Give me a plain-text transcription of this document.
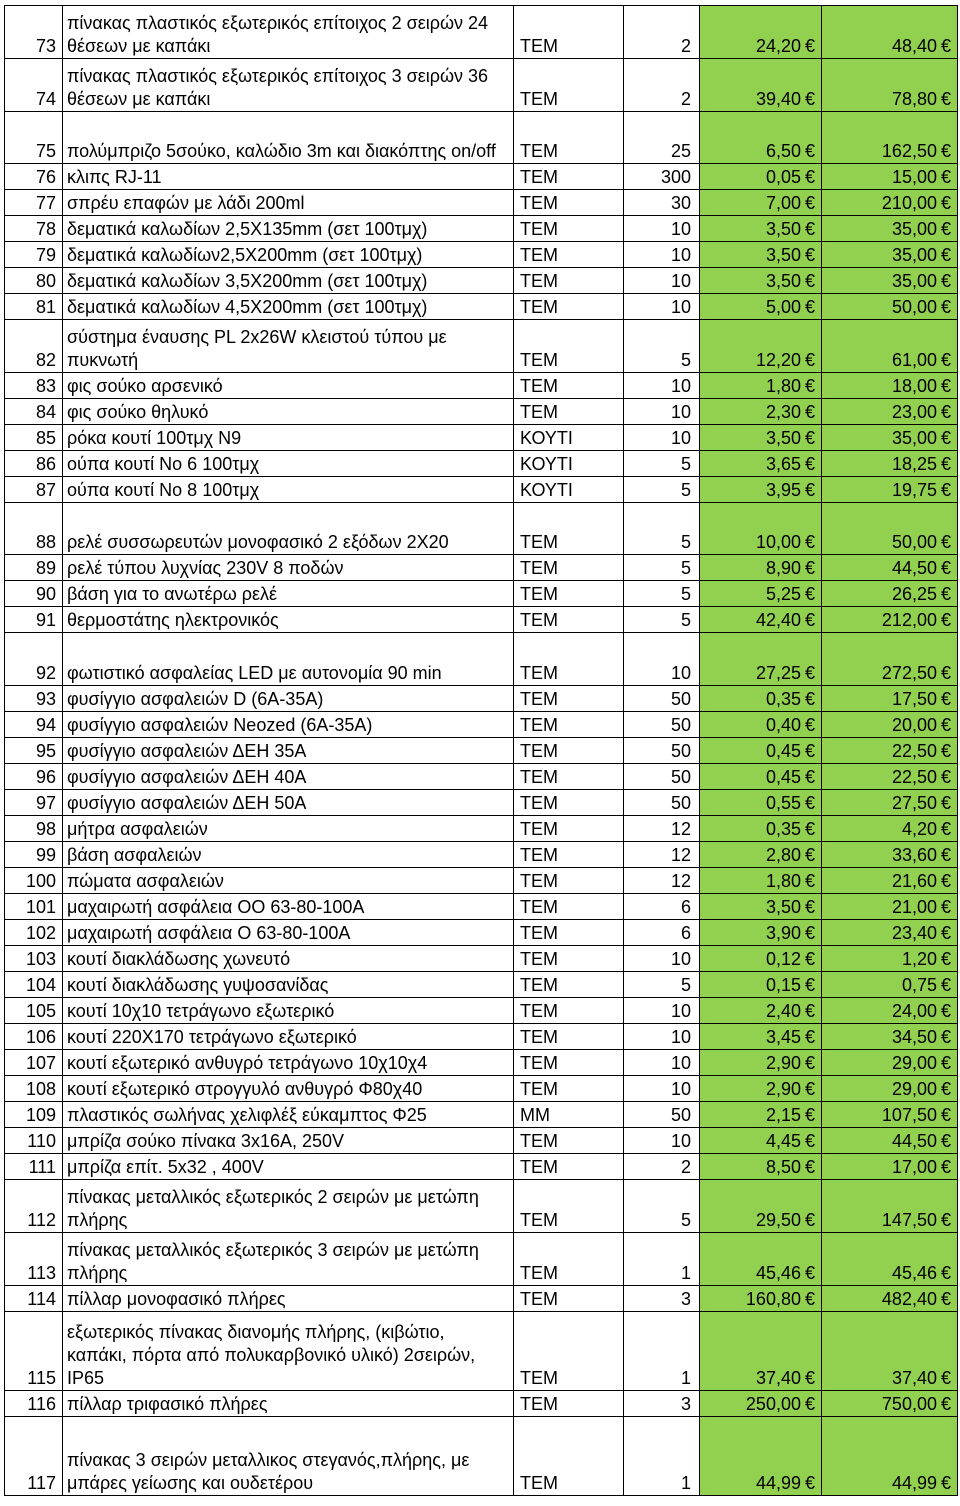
73	πίνακας πλαστικός εξωτερικός επίτοιχος 2 σειρών 24 θέσεων με καπάκι	ΤΕΜ	2	24,20 €	48,40 €
74	πίνακας πλαστικός εξωτερικός επίτοιχος 3 σειρών 36 θέσεων με καπάκι	ΤΕΜ	2	39,40 €	78,80 €
75	πολύμπριζο 5σούκο, καλώδιο 3m και διακόπτης on/off	ΤΕΜ	25	6,50 €	162,50 €
76	κλιπς RJ-11	ΤΕΜ	300	0,05 €	15,00 €
77	σπρέυ επαφών με λάδι 200ml	ΤΕΜ	30	7,00 €	210,00 €
78	δεματικά καλωδίων 2,5Χ135mm (σετ 100τμχ)	ΤΕΜ	10	3,50 €	35,00 €
79	δεματικά καλωδίων2,5Χ200mm (σετ 100τμχ)	ΤΕΜ	10	3,50 €	35,00 €
80	δεματικά καλωδίων 3,5Χ200mm (σετ 100τμχ)	ΤΕΜ	10	3,50 €	35,00 €
81	δεματικά καλωδίων 4,5Χ200mm (σετ 100τμχ)	ΤΕΜ	10	5,00 €	50,00 €
82	σύστημα έναυσης PL 2x26W κλειστού τύπου με πυκνωτή	ΤΕΜ	5	12,20 €	61,00 €
83	φις σούκο αρσενικό	ΤΕΜ	10	1,80 €	18,00 €
84	φις σούκο θηλυκό	ΤΕΜ	10	2,30 €	23,00 €
85	ρόκα κουτί 100τμχ Ν9	ΚΟΥΤΙ	10	3,50 €	35,00 €
86	ούπα κουτί Νο 6 100τμχ	ΚΟΥΤΙ	5	3,65 €	18,25 €
87	ούπα κουτί Νο 8 100τμχ	ΚΟΥΤΙ	5	3,95 €	19,75 €
88	ρελέ συσσωρευτών μονοφασικό 2 εξόδων 2Χ20	ΤΕΜ	5	10,00 €	50,00 €
89	ρελέ τύπου λυχνίας 230V 8 ποδών	ΤΕΜ	5	8,90 €	44,50 €
90	βάση για το ανωτέρω ρελέ	ΤΕΜ	5	5,25 €	26,25 €
91	θερμοστάτης ηλεκτρονικός	ΤΕΜ	5	42,40 €	212,00 €
92	φωτιστικό ασφαλείας LED με αυτονομία 90 min	ΤΕΜ	10	27,25 €	272,50 €
93	φυσίγγιο ασφαλειών D (6A-35A)	ΤΕΜ	50	0,35 €	17,50 €
94	φυσίγγιο ασφαλειών Neozed (6A-35A)	ΤΕΜ	50	0,40 €	20,00 €
95	φυσίγγιο ασφαλειών ΔΕΗ 35Α	ΤΕΜ	50	0,45 €	22,50 €
96	φυσίγγιο ασφαλειών ΔΕΗ 40Α	ΤΕΜ	50	0,45 €	22,50 €
97	φυσίγγιο ασφαλειών ΔΕΗ 50Α	ΤΕΜ	50	0,55 €	27,50 €
98	μήτρα ασφαλειών	ΤΕΜ	12	0,35 €	4,20 €
99	βάση ασφαλειών	ΤΕΜ	12	2,80 €	33,60 €
100	πώματα ασφαλειών	ΤΕΜ	12	1,80 €	21,60 €
101	μαχαιρωτή ασφάλεια ΟΟ 63-80-100Α	ΤΕΜ	6	3,50 €	21,00 €
102	μαχαιρωτή ασφάλεια Ο 63-80-100Α	ΤΕΜ	6	3,90 €	23,40 €
103	κουτί διακλάδωσης χωνευτό	ΤΕΜ	10	0,12 €	1,20 €
104	κουτί διακλάδωσης γυψοσανίδας	ΤΕΜ	5	0,15 €	0,75 €
105	κουτί 10χ10 τετράγωνο εξωτερικό	ΤΕΜ	10	2,40 €	24,00 €
106	κουτί 220Χ170 τετράγωνο εξωτερικό	ΤΕΜ	10	3,45 €	34,50 €
107	κουτί εξωτερικό ανθυγρό τετράγωνο 10χ10χ4	ΤΕΜ	10	2,90 €	29,00 €
108	κουτί εξωτερικό στρογγυλό ανθυγρό Φ80χ40	ΤΕΜ	10	2,90 €	29,00 €
109	πλαστικός σωλήνας χελιφλέξ εύκαμπτος Φ25	ΜΜ	50	2,15 €	107,50 €
110	μπρίζα σούκο πίνακα 3x16A, 250V	ΤΕΜ	10	4,45 €	44,50 €
111	μπρίζα επίτ. 5x32 , 400V	ΤΕΜ	2	8,50 €	17,00 €
112	πίνακας μεταλλικός εξωτερικός 2 σειρών με μετώπη πλήρης	ΤΕΜ	5	29,50 €	147,50 €
113	πίνακας μεταλλικός εξωτερικός 3 σειρών με μετώπη πλήρης	ΤΕΜ	1	45,46 €	45,46 €
114	πίλλαρ μονοφασικό πλήρες	ΤΕΜ	3	160,80 €	482,40 €
115	εξωτερικός πίνακας διανομής πλήρης, (κιβώτιο, καπάκι, πόρτα από πολυκαρβονικό υλικό) 2σειρών, IP65	ΤΕΜ	1	37,40 €	37,40 €
116	πίλλαρ τριφασικό πλήρες	ΤΕΜ	3	250,00 €	750,00 €
117	πίνακας 3 σειρών μεταλλικος στεγανός,πλήρης, με μπάρες γείωσης και ουδετέρου	ΤΕΜ	1	44,99 €	44,99 €
